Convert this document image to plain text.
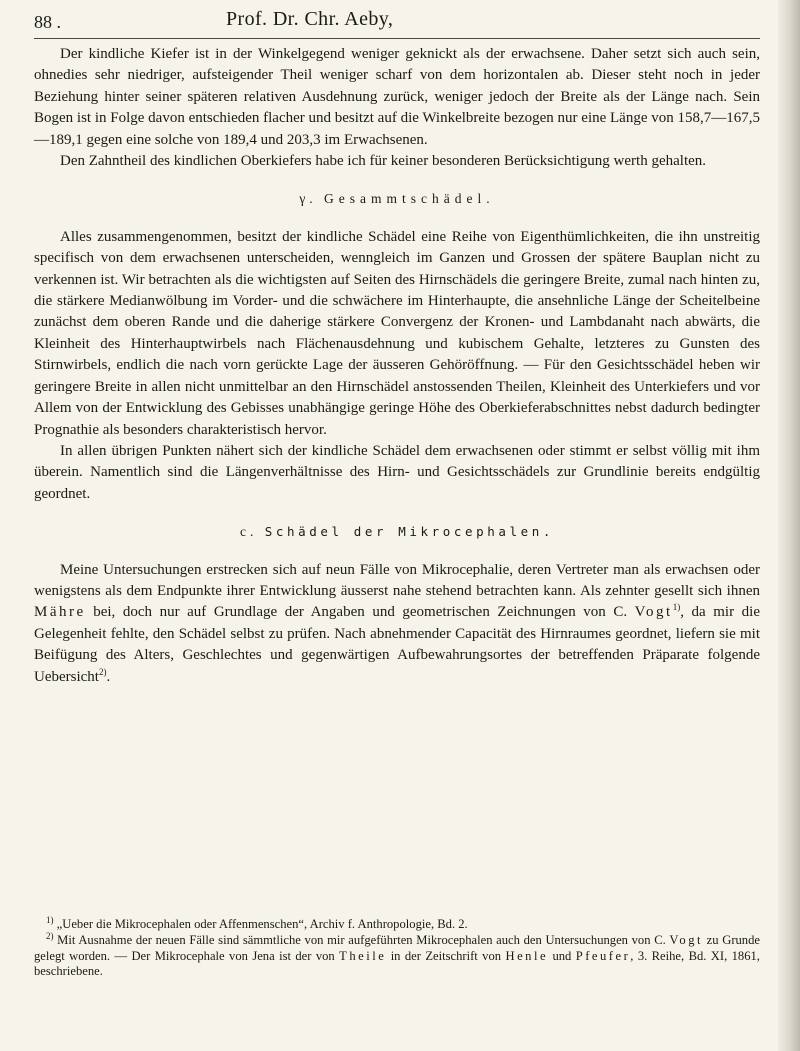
88 .	Prof. Dr. Chr. Aeby,

Der kindliche Kiefer ist in der Winkelgegend weniger geknickt als der erwachsene. Daher setzt sich auch sein, ohnedies sehr niedriger, aufsteigender Theil weniger scharf von dem horizontalen ab. Dieser steht noch in jeder Beziehung hinter seiner späteren relativen Ausdehnung zurück, weniger jedoch der Breite als der Länge nach. Sein Bogen ist in Folge davon entschieden flacher und besitzt auf die Winkelbreite bezogen nur eine Länge von 158,7—167,5—189,1 gegen eine solche von 189,4 und 203,3 im Erwachsenen.

Den Zahntheil des kindlichen Oberkiefers habe ich für keiner besonderen Berücksichtigung werth gehalten.

γ. Gesammtschädel.

Alles zusammengenommen, besitzt der kindliche Schädel eine Reihe von Eigenthümlichkeiten, die ihn unstreitig specifisch von dem erwachsenen unterscheiden, wenngleich im Ganzen und Grossen der spätere Bauplan nicht zu verkennen ist. Wir betrachten als die wichtigsten auf Seiten des Hirnschädels die geringere Breite, zumal nach hinten zu, die stärkere Medianwölbung im Vorder- und die schwächere im Hinterhaupte, die ansehnliche Länge der Scheitelbeine zunächst dem oberen Rande und die daherige stärkere Convergenz der Kronen- und Lambdanaht nach abwärts, die Kleinheit des Hinterhauptwirbels nach Flächenausdehnung und kubischem Gehalte, letzteres zu Gunsten des Stirnwirbels, endlich die nach vorn gerückte Lage der äusseren Gehöröffnung. — Für den Gesichtsschädel heben wir geringere Breite in allen nicht unmittelbar an den Hirnschädel anstossenden Theilen, Kleinheit des Unterkiefers und vor Allem von der Entwicklung des Gebisses unabhängige geringe Höhe des Oberkieferabschnittes nebst dadurch bedingter Prognathie als besonders charakteristisch hervor.

In allen übrigen Punkten nähert sich der kindliche Schädel dem erwachsenen oder stimmt er selbst völlig mit ihm überein. Namentlich sind die Längenverhältnisse des Hirn- und Gesichtsschädels zur Grundlinie bereits endgültig geordnet.

c. Schädel der Mikrocephalen.

Meine Untersuchungen erstrecken sich auf neun Fälle von Mikrocephalie, deren Vertreter man als erwachsen oder wenigstens als dem Endpunkte ihrer Entwicklung äusserst nahe stehend betrachten kann. Als zehnter gesellt sich ihnen Mähre bei, doch nur auf Grundlage der Angaben und geometrischen Zeichnungen von C. Vogt$^{1)}$, da mir die Gelegenheit fehlte, den Schädel selbst zu prüfen. Nach abnehmender Capacität des Hirnraumes geordnet, liefern sie mit Beifügung des Alters, Geschlechtes und gegenwärtigen Aufbewahrungsortes der betreffenden Präparate folgende Uebersicht$^{2)}$.

$^{1)}$ „Ueber die Mikrocephalen oder Affenmenschen“, Archiv f. Anthropologie, Bd. 2.

$^{2)}$ Mit Ausnahme der neuen Fälle sind sämmtliche von mir aufgeführten Mikrocephalen auch den Untersuchungen von C. Vogt zu Grunde gelegt worden. — Der Mikrocephale von Jena ist der von Theile in der Zeitschrift von Henle und Pfeufer, 3. Reihe, Bd. XI, 1861, beschriebene.
